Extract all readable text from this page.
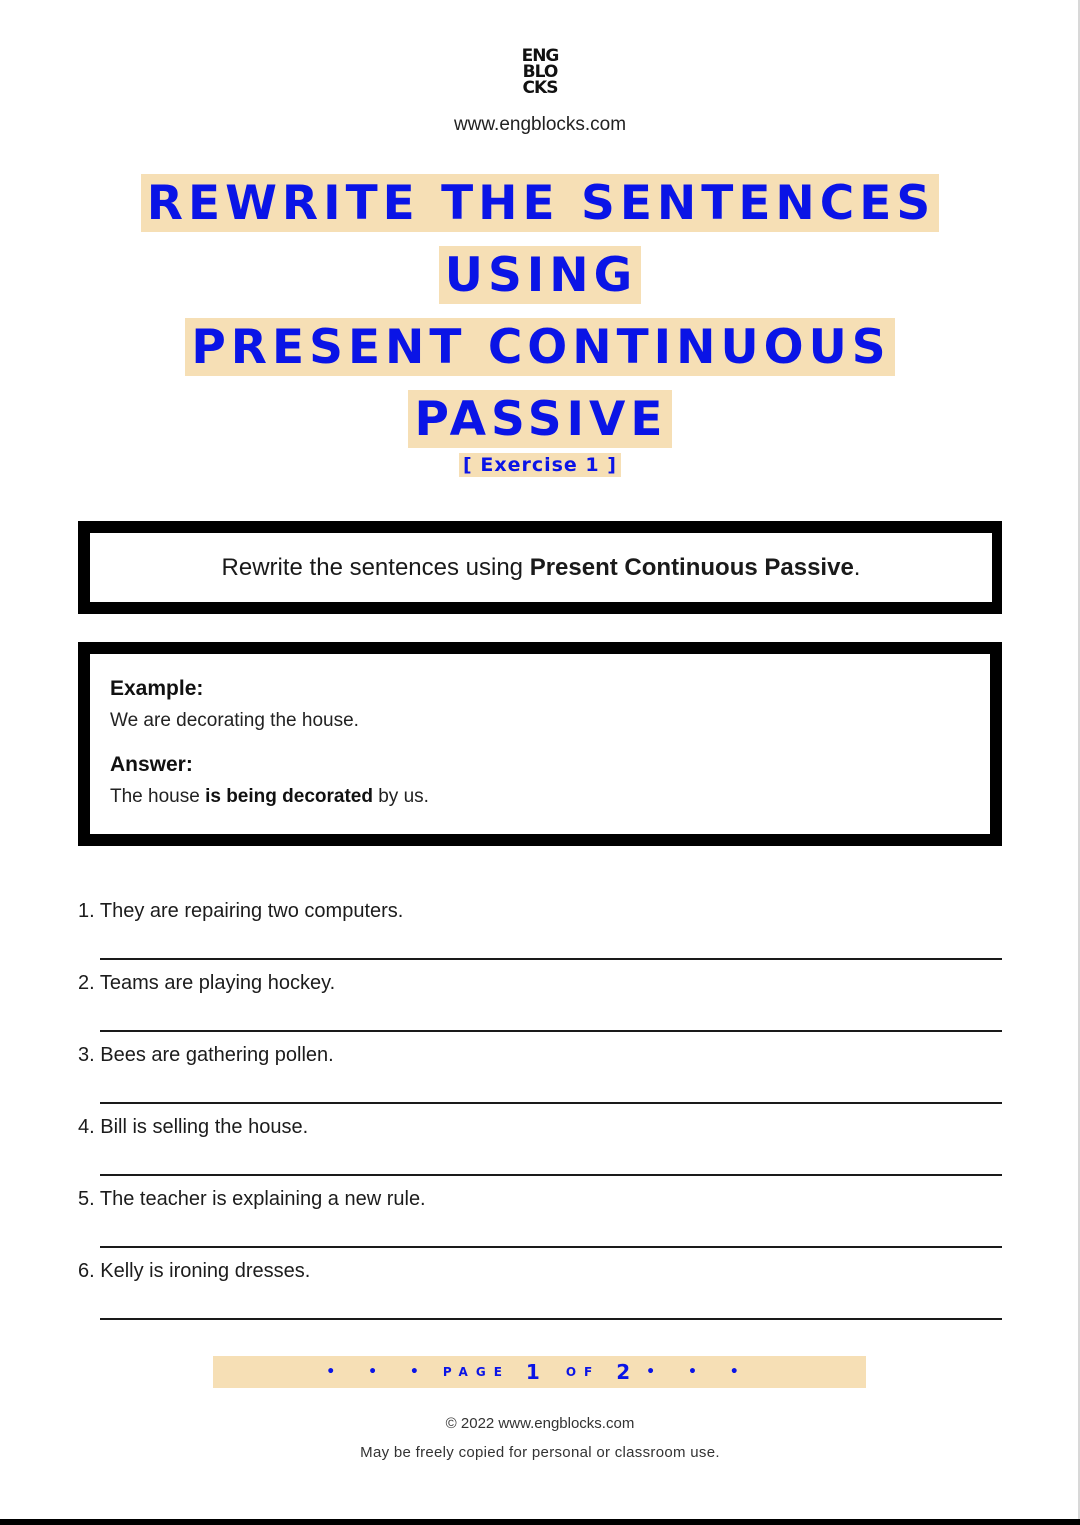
ENG
BLO
CKS
www.engblocks.com
REWRITE THE SENTENCES
USING
PRESENT CONTINUOUS
PASSIVE
[ Exercise 1 ]
Rewrite the sentences using Present Continuous Passive.

Example:

We are decorating the house.

Answer:

The house is being decorated by us.

1. They are repairing two computers.
2. Teams are playing hockey.
3. Bees are gathering pollen.
4. Bill is selling the house.
5. The teacher is explaining a new rule.
6. Kelly is ironing dresses.
• • • PAGE 1 OF 2 • • •
© 2022 www.engblocks.com
May be freely copied for personal or classroom use.
